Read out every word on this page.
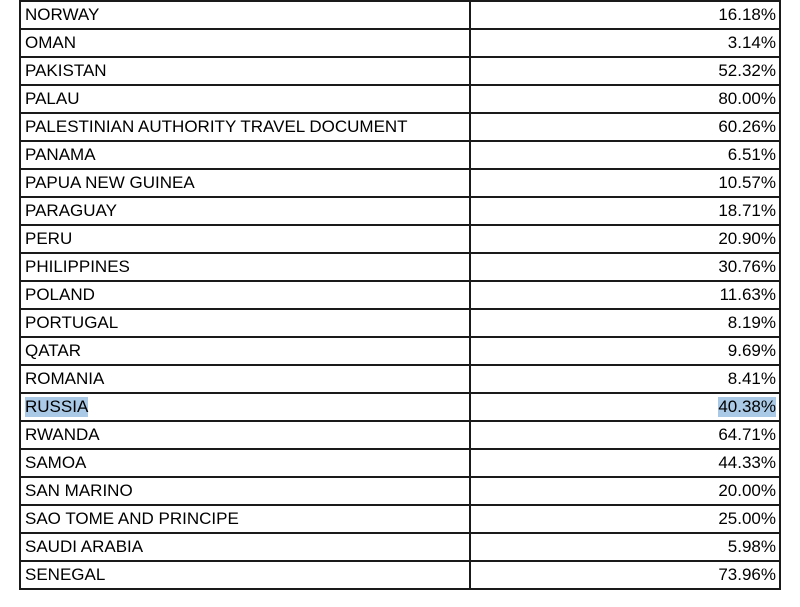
NORWAY	16.18%
OMAN	3.14%
PAKISTAN	52.32%
PALAU	80.00%
PALESTINIAN AUTHORITY TRAVEL DOCUMENT	60.26%
PANAMA	6.51%
PAPUA NEW GUINEA	10.57%
PARAGUAY	18.71%
PERU	20.90%
PHILIPPINES	30.76%
POLAND	11.63%
PORTUGAL	8.19%
QATAR	9.69%
ROMANIA	8.41%
RUSSIA	40.38%
RWANDA	64.71%
SAMOA	44.33%
SAN MARINO	20.00%
SAO TOME AND PRINCIPE	25.00%
SAUDI ARABIA	5.98%
SENEGAL	73.96%
